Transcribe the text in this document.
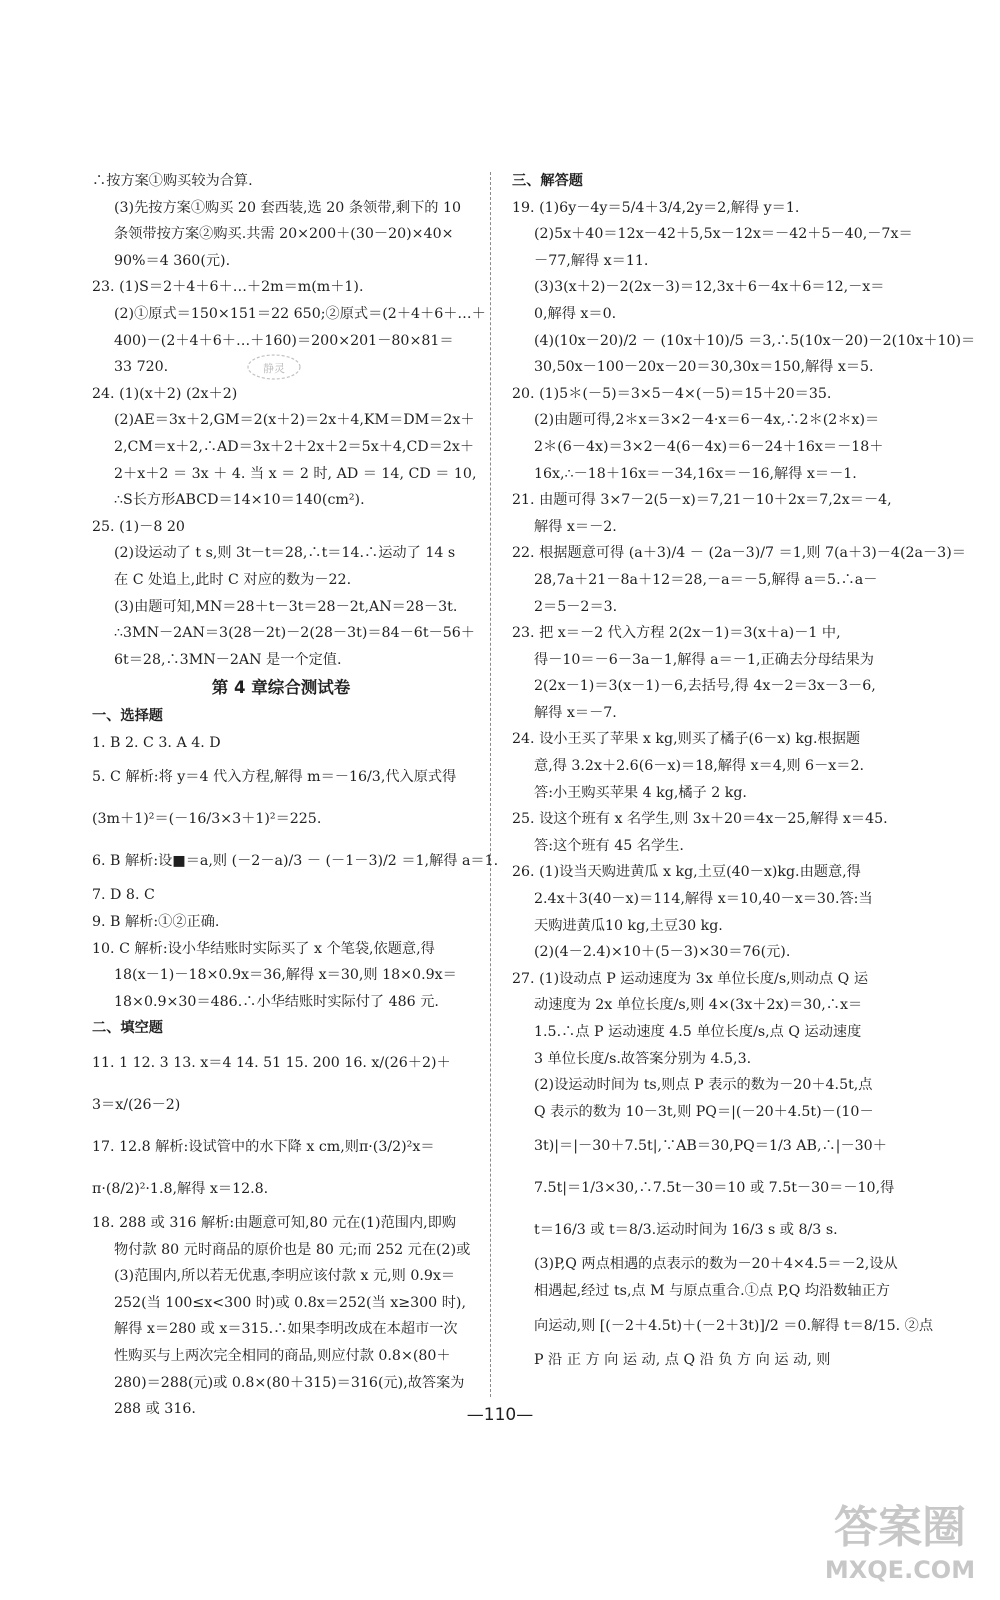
∴按方案①购买较为合算.

(3)先按方案①购买 20 套西装,选 20 条领带,剩下的 10

条领带按方案②购买.共需 20×200＋(30－20)×40×

90%＝4 360(元).

23. (1)S＝2＋4＋6＋…＋2m＝m(m＋1).

(2)①原式＝150×151＝22 650;②原式＝(2＋4＋6＋…＋

400)－(2＋4＋6＋…＋160)＝200×201－80×81＝

33 720.

24. (1)(x＋2) (2x＋2)

(2)AE＝3x＋2,GM＝2(x＋2)＝2x＋4,KM＝DM＝2x＋

2,CM＝x＋2,∴AD＝3x＋2＋2x＋2＝5x＋4,CD＝2x＋

2＋x＋2 ＝ 3x ＋ 4. 当 x ＝ 2 时, AD ＝ 14, CD ＝ 10,

∴S长方形ABCD＝14×10＝140(cm²).

25. (1)－8 20

(2)设运动了 t s,则 3t－t＝28,∴t＝14.∴运动了 14 s

在 C 处追上,此时 C 对应的数为－22.

(3)由题可知,MN＝28＋t－3t＝28－2t,AN＝28－3t.

∴3MN－2AN＝3(28－2t)－2(28－3t)＝84－6t－56＋

6t＝28,∴3MN－2AN 是一个定值.

第 4 章综合测试卷

一、选择题

1. B 2. C 3. A 4. D

5. C 解析:将 y＝4 代入方程,解得 m＝－16/3,代入原式得

(3m＋1)²＝(－16/3×3＋1)²＝225.

6. B 解析:设■＝a,则 (－2－a)/3 － (－1－3)/2 ＝1,解得 a＝1.

7. D 8. C

9. B 解析:①②正确.

10. C 解析:设小华结账时实际买了 x 个笔袋,依题意,得

18(x－1)－18×0.9x＝36,解得 x＝30,则 18×0.9x＝

18×0.9×30＝486.∴小华结账时实际付了 486 元.

二、填空题

11. 1 12. 3 13. x＝4 14. 51 15. 200 16. x/(26＋2)＋

3＝x/(26－2)

17. 12.8 解析:设试管中的水下降 x cm,则π·(3/2)²x＝

π·(8/2)²·1.8,解得 x＝12.8.

18. 288 或 316 解析:由题意可知,80 元在(1)范围内,即购

物付款 80 元时商品的原价也是 80 元;而 252 元在(2)或

(3)范围内,所以若无优惠,李明应该付款 x 元,则 0.9x＝

252(当 100≤x<300 时)或 0.8x＝252(当 x≥300 时),

解得 x＝280 或 x＝315.∴如果李明改成在本超市一次

性购买与上两次完全相同的商品,则应付款 0.8×(80＋

280)＝288(元)或 0.8×(80＋315)＝316(元),故答案为

288 或 316.

三、解答题

19. (1)6y－4y＝5/4＋3/4,2y＝2,解得 y＝1.

(2)5x＋40＝12x－42＋5,5x－12x＝－42＋5－40,－7x＝

－77,解得 x＝11.

(3)3(x＋2)－2(2x－3)＝12,3x＋6－4x＋6＝12,－x＝

0,解得 x＝0.

(4)(10x－20)/2 － (10x＋10)/5 ＝3,∴5(10x－20)－2(10x＋10)＝

30,50x－100－20x－20＝30,30x＝150,解得 x＝5.

20. (1)5＊(－5)＝3×5－4×(－5)＝15＋20＝35.

(2)由题可得,2＊x＝3×2－4·x＝6－4x,∴2＊(2＊x)＝

2＊(6－4x)＝3×2－4(6－4x)＝6－24＋16x＝－18＋

16x,∴－18＋16x＝－34,16x＝－16,解得 x＝－1.

21. 由题可得 3×7－2(5－x)＝7,21－10＋2x＝7,2x＝－4,

解得 x＝－2.

22. 根据题意可得 (a＋3)/4 － (2a－3)/7 ＝1,则 7(a＋3)－4(2a－3)＝

28,7a＋21－8a＋12＝28,－a＝－5,解得 a＝5.∴a－

2＝5－2＝3.

23. 把 x＝－2 代入方程 2(2x－1)＝3(x＋a)－1 中,

得－10＝－6－3a－1,解得 a＝－1,正确去分母结果为

2(2x－1)＝3(x－1)－6,去括号,得 4x－2＝3x－3－6,

解得 x＝－7.

24. 设小王买了苹果 x kg,则买了橘子(6－x) kg.根据题

意,得 3.2x＋2.6(6－x)＝18,解得 x＝4,则 6－x＝2.

答:小王购买苹果 4 kg,橘子 2 kg.

25. 设这个班有 x 名学生,则 3x＋20＝4x－25,解得 x＝45.

答:这个班有 45 名学生.

26. (1)设当天购进黄瓜 x kg,土豆(40－x)kg.由题意,得

2.4x＋3(40－x)＝114,解得 x＝10,40－x＝30.答:当

天购进黄瓜10 kg,土豆30 kg.

(2)(4－2.4)×10＋(5－3)×30＝76(元).

27. (1)设动点 P 运动速度为 3x 单位长度/s,则动点 Q 运

动速度为 2x 单位长度/s,则 4×(3x＋2x)＝30,∴x＝

1.5.∴点 P 运动速度 4.5 单位长度/s,点 Q 运动速度

3 单位长度/s.故答案分别为 4.5,3.

(2)设运动时间为 ts,则点 P 表示的数为－20＋4.5t,点

Q 表示的数为 10－3t,则 PQ＝|(－20＋4.5t)－(10－

3t)|＝|－30＋7.5t|,∵AB＝30,PQ＝1/3 AB,∴|－30＋

7.5t|＝1/3×30,∴7.5t－30＝10 或 7.5t－30＝－10,得

t＝16/3 或 t＝8/3.运动时间为 16/3 s 或 8/3 s.

(3)P,Q 两点相遇的点表示的数为－20＋4×4.5＝－2,设从

相遇起,经过 ts,点 M 与原点重合.①点 P,Q 均沿数轴正方

向运动,则 [(－2＋4.5t)＋(－2＋3t)]/2 ＝0.解得 t＝8/15. ②点

P 沿 正 方 向 运 动, 点 Q 沿 负 方 向 运 动, 则

静灵
—110—
答案圈
MXQE.COM
